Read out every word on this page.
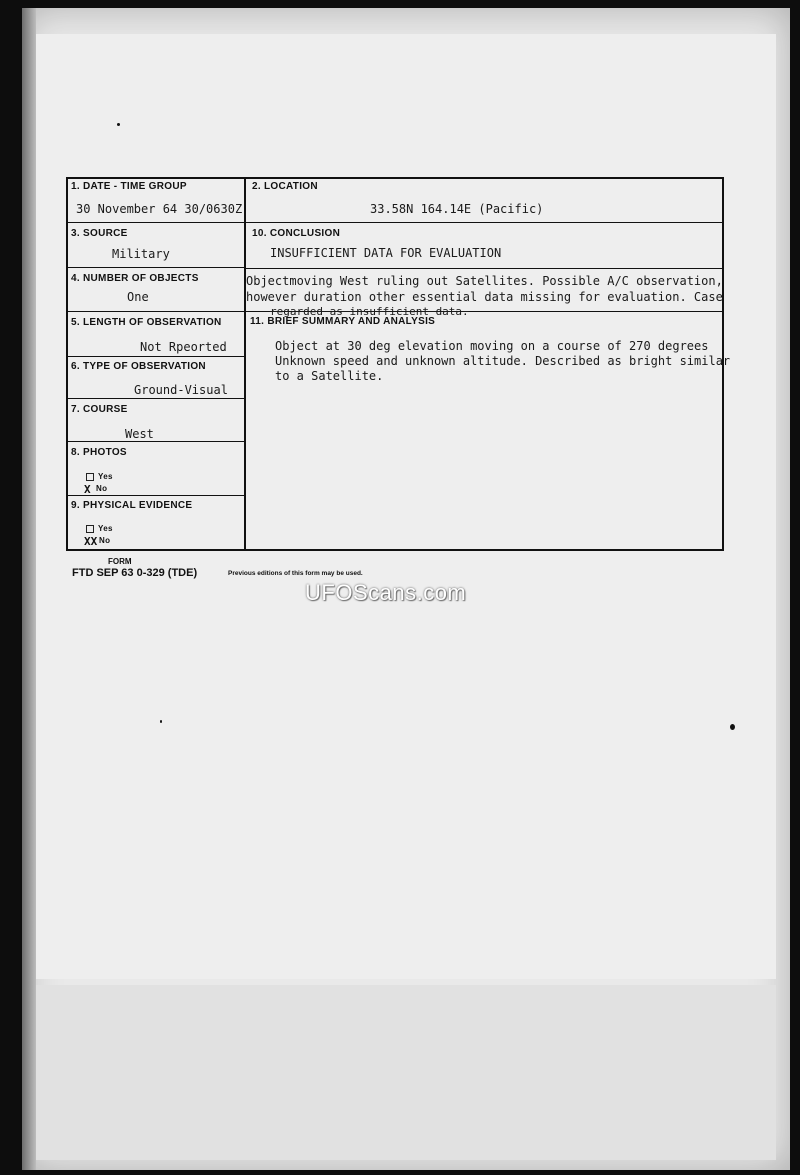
1. DATE - TIME GROUP
30 November 64 30/0630Z
2. LOCATION
33.58N 164.14E (Pacific)
3. SOURCE
Military
10. CONCLUSION
INSUFFICIENT DATA FOR EVALUATION
4. NUMBER OF OBJECTS
One
Objectmoving West ruling out Satellites. Possible A/C observation,
however duration other essential data missing for evaluation. Case
regarded as insufficient data.
5. LENGTH OF OBSERVATION
Not Rpeorted
11. BRIEF SUMMARY AND ANALYSIS
Object at 30 deg elevation moving on a course of 270 degrees
Unknown speed and unknown altitude. Described as bright similar
to a Satellite.
6. TYPE OF OBSERVATION
Ground-Visual
7. COURSE
West
8. PHOTOS
Yes
No
X
9. PHYSICAL EVIDENCE
Yes
No
XX
FORM
FTD SEP 63 0-329 (TDE)	Previous editions of this form may be used.
UFOScans.com
